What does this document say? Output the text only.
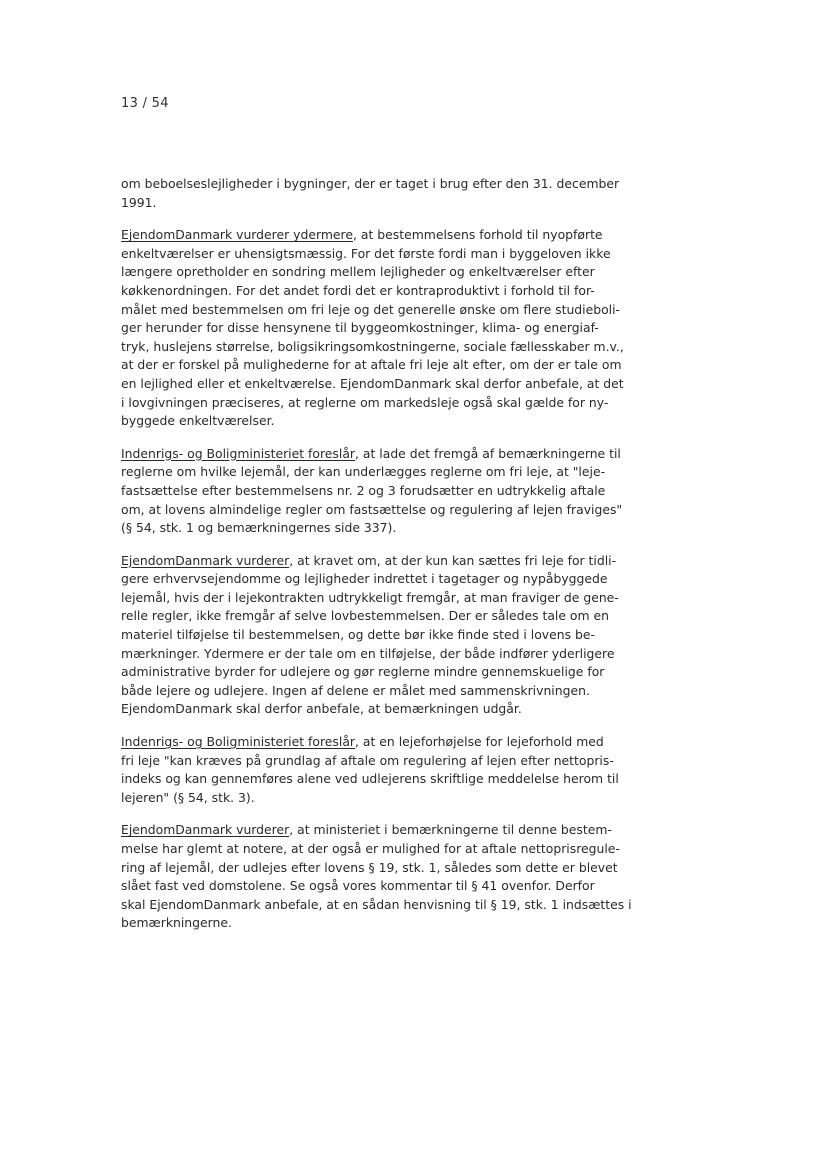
13 / 54

om beboelseslejligheder i bygninger, der er taget i brug efter den 31. december
1991.

EjendomDanmark vurderer ydermere, at bestemmelsens forhold til nyopførte
enkeltværelser er uhensigtsmæssig. For det første fordi man i byggeloven ikke
længere opretholder en sondring mellem lejligheder og enkeltværelser efter
køkkenordningen. For det andet fordi det er kontraproduktivt i forhold til for-
målet med bestemmelsen om fri leje og det generelle ønske om flere studieboli-
ger herunder for disse hensynene til byggeomkostninger, klima- og energiaf-
tryk, huslejens størrelse, boligsikringsomkostningerne, sociale fællesskaber m.v.,
at der er forskel på mulighederne for at aftale fri leje alt efter, om der er tale om
en lejlighed eller et enkeltværelse. EjendomDanmark skal derfor anbefale, at det
i lovgivningen præciseres, at reglerne om markedsleje også skal gælde for ny-
byggede enkeltværelser.

Indenrigs- og Boligministeriet foreslår, at lade det fremgå af bemærkningerne til
reglerne om hvilke lejemål, der kan underlægges reglerne om fri leje, at "leje-
fastsættelse efter bestemmelsens nr. 2 og 3 forudsætter en udtrykkelig aftale
om, at lovens almindelige regler om fastsættelse og regulering af lejen fraviges"
(§ 54, stk. 1 og bemærkningernes side 337).

EjendomDanmark vurderer, at kravet om, at der kun kan sættes fri leje for tidli-
gere erhvervsejendomme og lejligheder indrettet i tagetager og nypåbyggede
lejemål, hvis der i lejekontrakten udtrykkeligt fremgår, at man fraviger de gene-
relle regler, ikke fremgår af selve lovbestemmelsen. Der er således tale om en
materiel tilføjelse til bestemmelsen, og dette bør ikke finde sted i lovens be-
mærkninger. Ydermere er der tale om en tilføjelse, der både indfører yderligere
administrative byrder for udlejere og gør reglerne mindre gennemskuelige for
både lejere og udlejere. Ingen af delene er målet med sammenskrivningen.
EjendomDanmark skal derfor anbefale, at bemærkningen udgår.

Indenrigs- og Boligministeriet foreslår, at en lejeforhøjelse for lejeforhold med
fri leje "kan kræves på grundlag af aftale om regulering af lejen efter nettopris-
indeks og kan gennemføres alene ved udlejerens skriftlige meddelelse herom til
lejeren" (§ 54, stk. 3).

EjendomDanmark vurderer, at ministeriet i bemærkningerne til denne bestem-
melse har glemt at notere, at der også er mulighed for at aftale nettoprisregule-
ring af lejemål, der udlejes efter lovens § 19, stk. 1, således som dette er blevet
slået fast ved domstolene. Se også vores kommentar til § 41 ovenfor. Derfor
skal EjendomDanmark anbefale, at en sådan henvisning til § 19, stk. 1 indsættes i
bemærkningerne.
